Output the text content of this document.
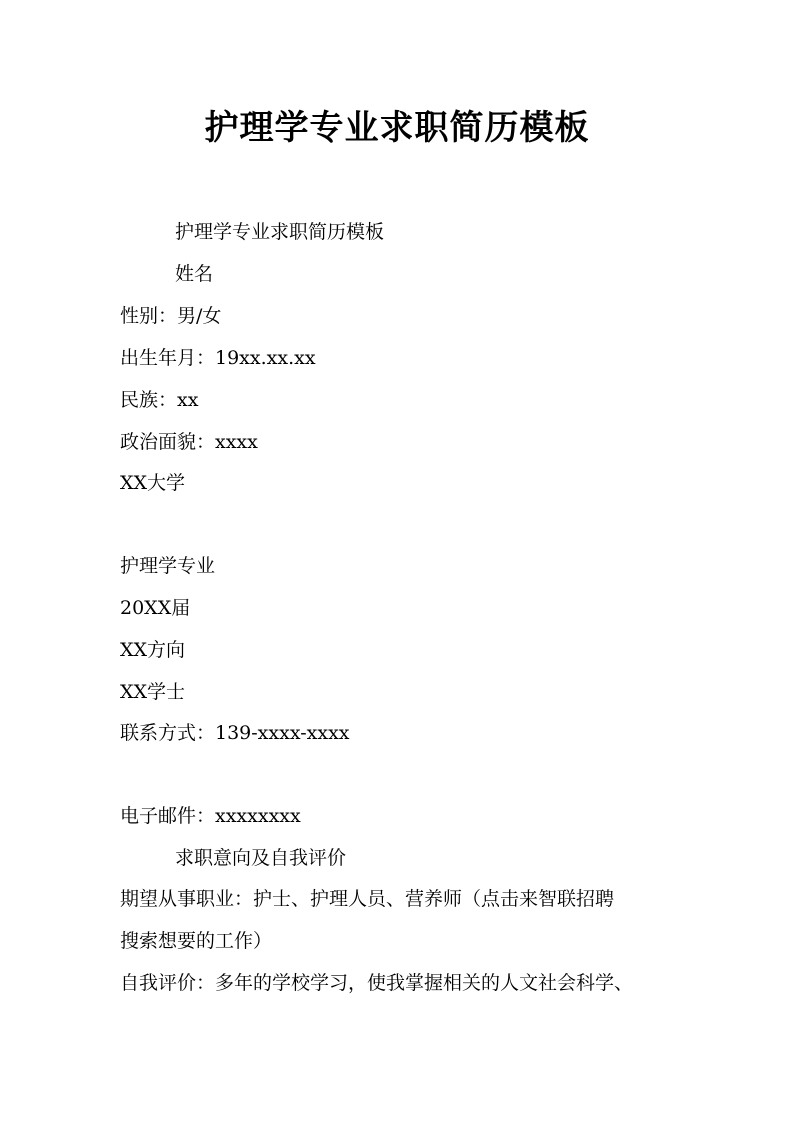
护理学专业求职简历模板
护理学专业求职简历模板
姓名
性别：男/女
出生年月：19xx.xx.xx
民族：xx
政治面貌：xxxx
XX大学
护理学专业
20XX届
XX方向
XX学士
联系方式：139-xxxx-xxxx
电子邮件：xxxxxxxx
求职意向及自我评价
期望从事职业：护士、护理人员、营养师（点击来智联招聘
搜索想要的工作）
自我评价：多年的学校学习，使我掌握相关的人文社会科学、
